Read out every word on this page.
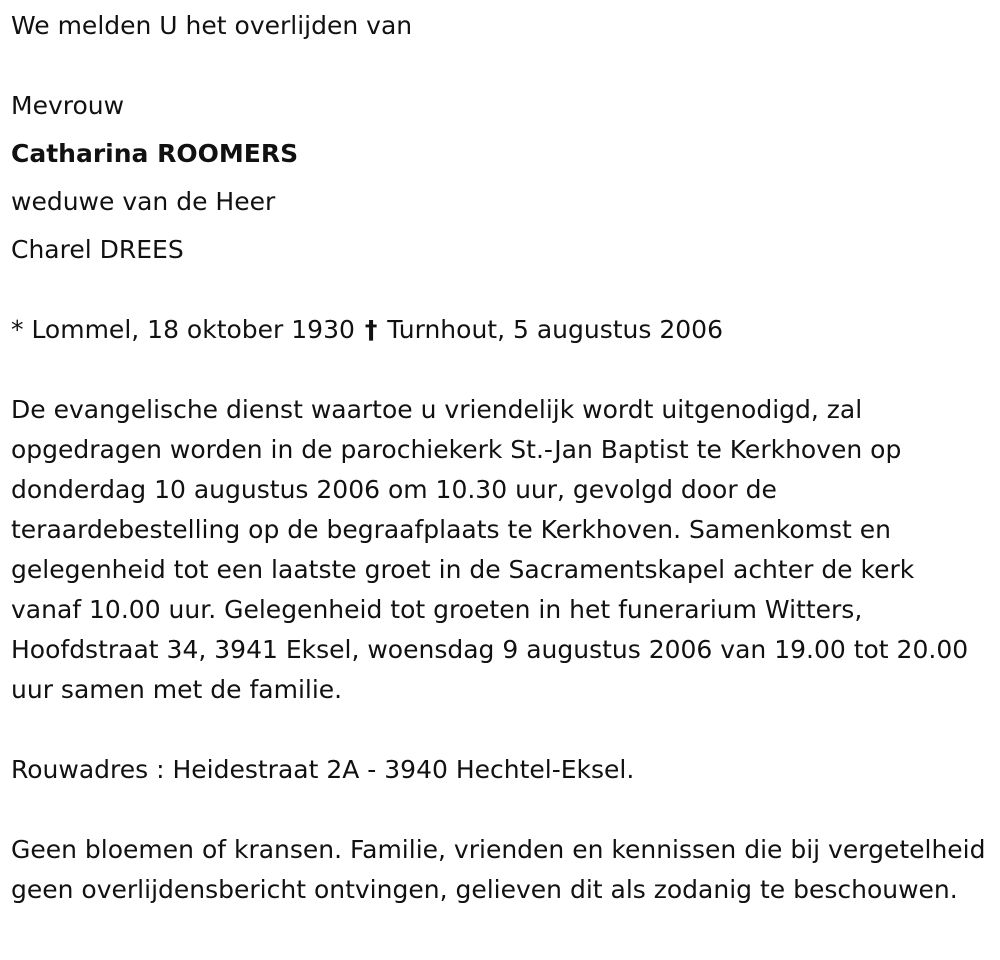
We melden U het overlijden van

Mevrouw

Catharina ROOMERS

weduwe van de Heer

Charel DREES

* Lommel, 18 oktober 1930 † Turnhout, 5 augustus 2006

De evangelische dienst waartoe u vriendelijk wordt uitgenodigd, zal opgedragen worden in de parochiekerk St.-Jan Baptist te Kerkhoven op donderdag 10 augustus 2006 om 10.30 uur, gevolgd door de teraardebestelling op de begraafplaats te Kerkhoven. Samenkomst en gelegenheid tot een laatste groet in de Sacramentskapel achter de kerk vanaf 10.00 uur. Gelegenheid tot groeten in het funerarium Witters, Hoofdstraat 34, 3941 Eksel, woensdag 9 augustus 2006 van 19.00 tot 20.00 uur samen met de familie.

Rouwadres : Heidestraat 2A - 3940 Hechtel-Eksel.

Geen bloemen of kransen. Familie, vrienden en kennissen die bij vergetelheid geen overlijdensbericht ontvingen, gelieven dit als zodanig te beschouwen.
